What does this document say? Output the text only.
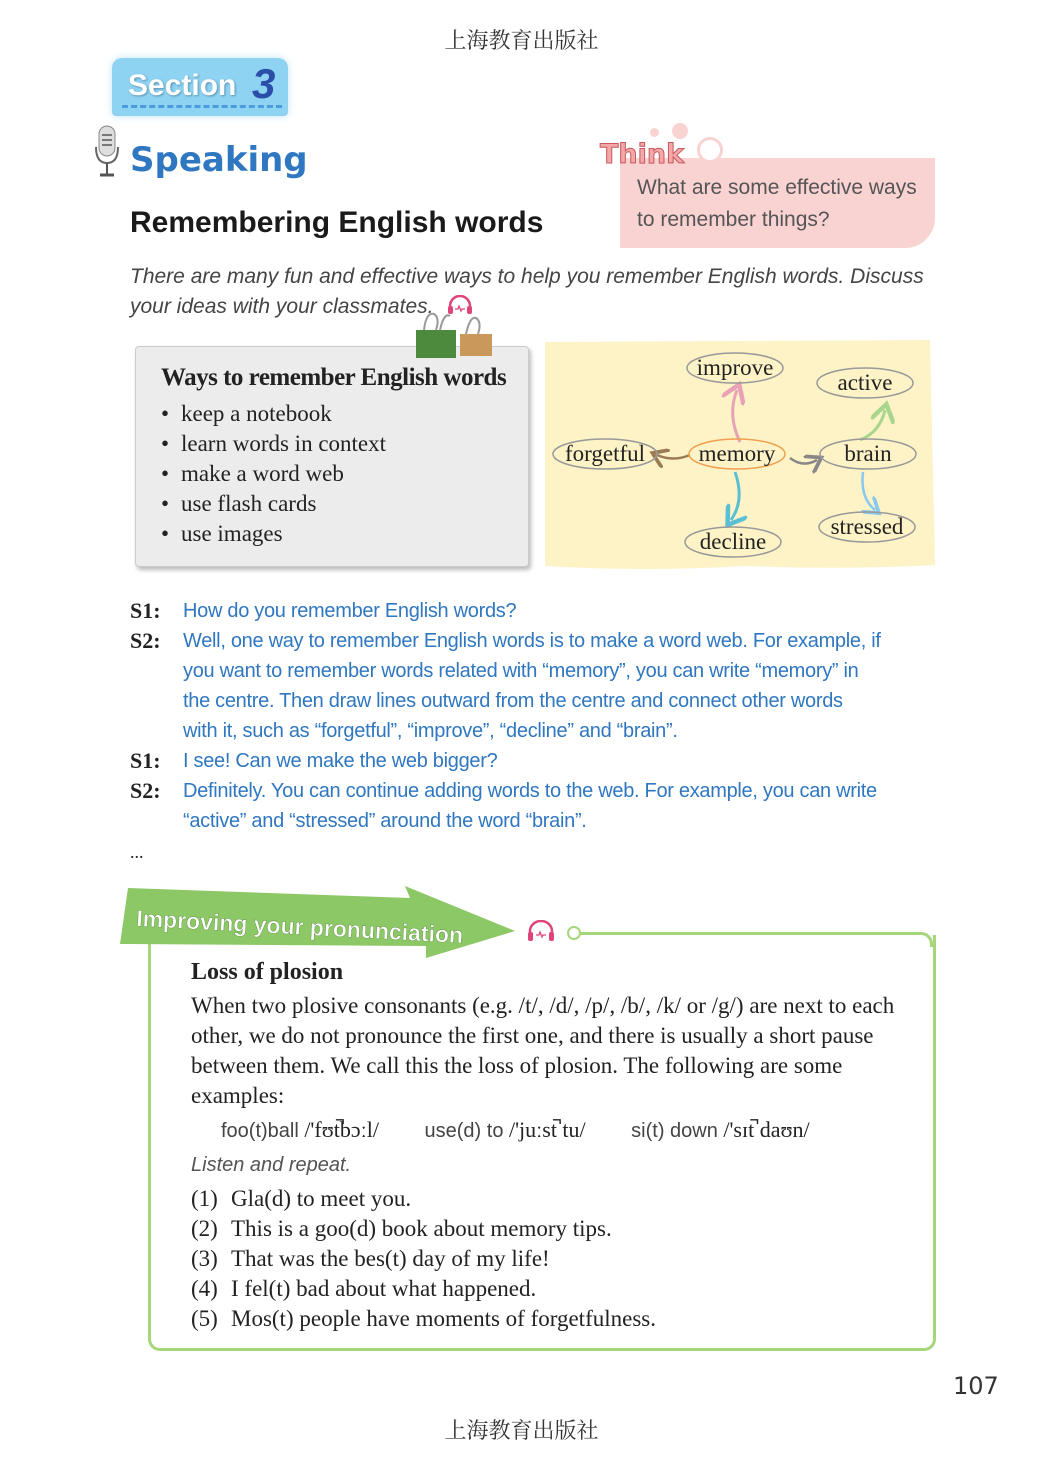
上海教育出版社
Section 3
Speaking
Remembering English words
What are some effective ways
to remember things?
Think
There are many fun and effective ways to help you remember English words. Discuss your ideas with your classmates.
Ways to remember English words
• keep a notebook
• learn words in context
• make a word web
• use flash cards
• use images
memory
improve
forgetful
decline
brain
active
stressed
S1:	How do you remember English words?
S2:	Well, one way to remember English words is to make a word web. For example, if
you want to remember words related with “memory”, you can write “memory” in
the centre. Then draw lines outward from the centre and connect other words
with it, such as “forgetful”, “improve”, “decline” and “brain”.
S1:	I see! Can we make the web bigger?
S2:	Definitely. You can continue adding words to the web. For example, you can write
“active” and “stressed” around the word “brain”.
...
Loss of plosion
When two plosive consonants (e.g. /t/, /d/, /p/, /b/, /k/ or /g/) are next to each other, we do not pronounce the first one, and there is usually a short pause between them. We call this the loss of plosion. The following are some examples:
foo(t)ball /'fʊt̚bɔːl/ use(d) to /'juːst̚ tu/ si(t) down /'sɪt̚ daʊn/
Listen and repeat.
(1) Gla(d) to meet you.
(2) This is a goo(d) book about memory tips.
(3) That was the bes(t) day of my life!
(4) I fel(t) bad about what happened.
(5) Mos(t) people have moments of forgetfulness.
Improving your pronunciation
107
上海教育出版社
